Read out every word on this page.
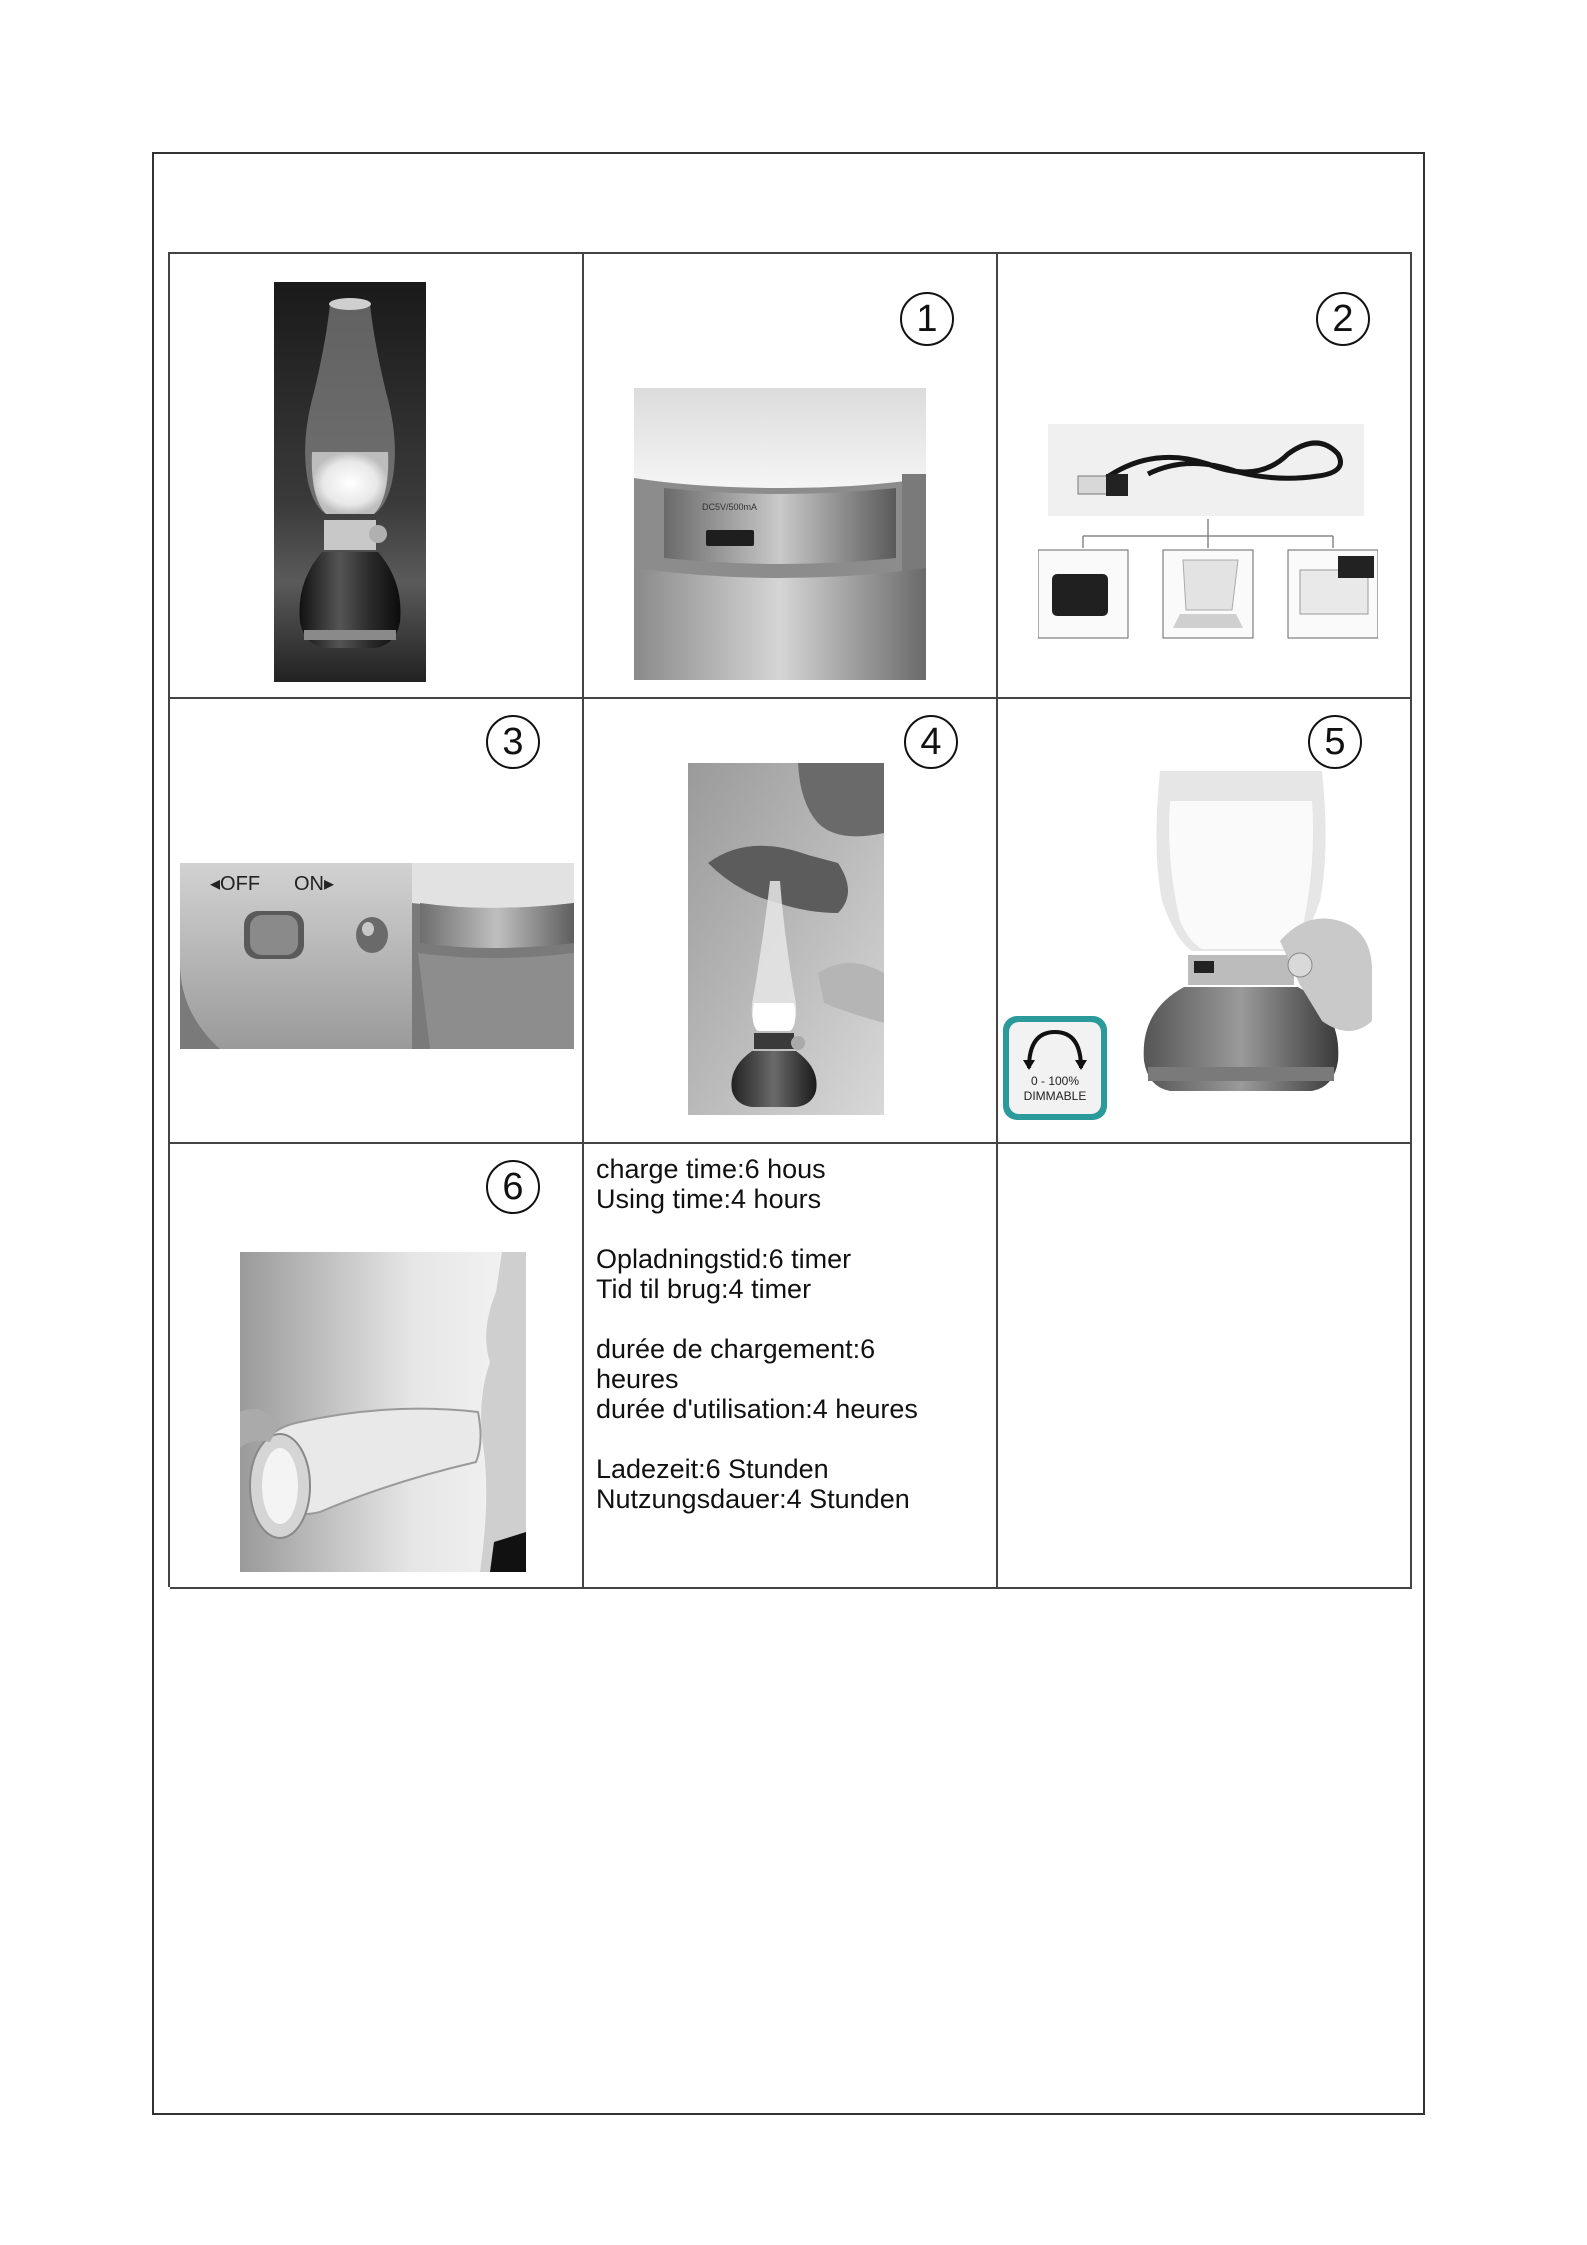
1
DC5V/500mA
2
3
◂OFF ON▸
4	5
0 - 100%
DIMMABLE
6	charge time:6 hous
Using time:4 hours

Opladningstid:6 timer
Tid til brug:4 timer

durée de chargement:6
heures
durée d'utilisation:4 heures

Ladezeit:6 Stunden
Nutzungsdauer:4 Stunden
